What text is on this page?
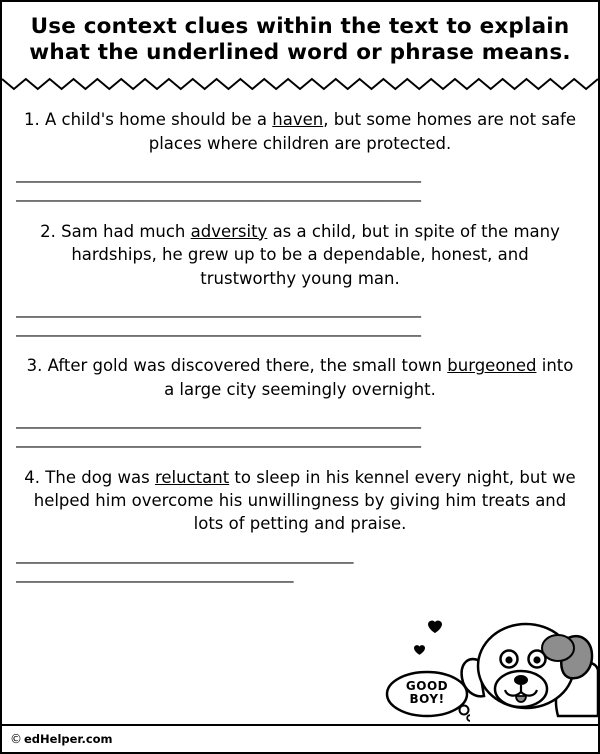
Use context clues within the text to explain what the underlined word or phrase means.

1. A child's home should be a haven, but some homes are not safe places where children are protected.

______________________________________________________
______________________________________________________

2. Sam had much adversity as a child, but in spite of the many hardships, he grew up to be a dependable, honest, and trustworthy young man.

______________________________________________________
______________________________________________________

3. After gold was discovered there, the small town burgeoned into a large city seemingly overnight.

______________________________________________________
______________________________________________________

4. The dog was reluctant to sleep in his kennel every night, but we helped him overcome his unwillingness by giving him treats and lots of petting and praise.

_____________________________________________
_____________________________________
GOOD
BOY!
© edHelper.com
